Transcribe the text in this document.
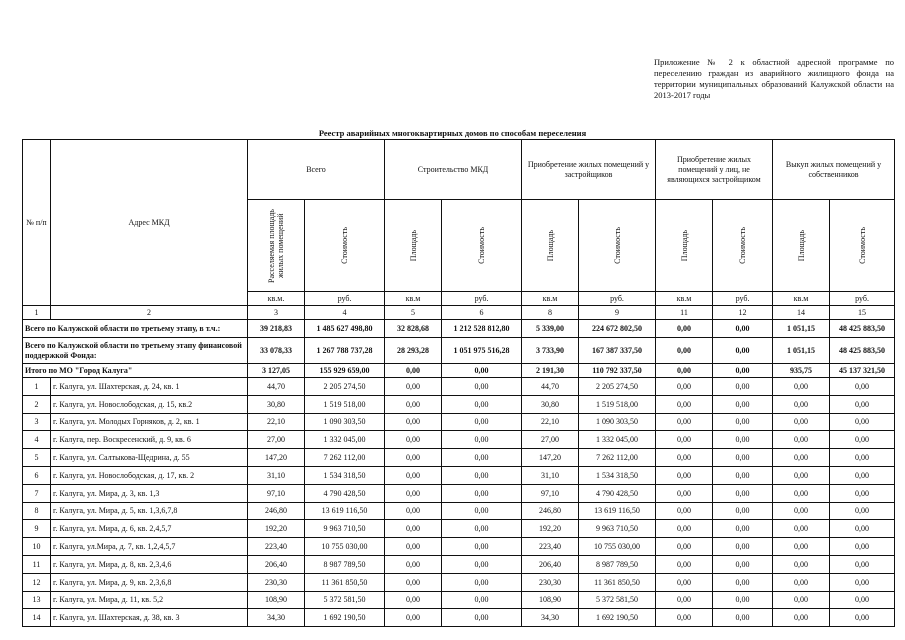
Приложение № 2 к областной адресной программе по переселению граждан из аварийного жилищного фонда на территории муниципальных образований Калужской области на 2013-2017 годы
Реестр аварийных многоквартирных домов по способам переселения
№ п/п	Адрес МКД	Всего		Строительство МКД		Приобретение жилых помещений у застройщиков		Приобретение жилых помещений у лиц, не являющихся застройщиком		Выкуп жилых помещений у собственников	

		Расселяемая площадь жилых помещений	Стоимость	Площадь	Стоимость	Площадь	Стоимость	Площадь	Стоимость	Площадь	Стоимость

		кв.м.	руб.	кв.м	руб.	кв.м	руб.	кв.м	руб.	кв.м	руб.
1	2	3	4	5	6	8	9	11	12	14	15
Всего по Калужской области по третьему этапу, в т.ч.:		39 218,83	1 485 627 498,80	32 828,68	1 212 528 812,80	5 339,00	224 672 802,50	0,00	0,00	1 051,15	48 425 883,50
Всего по Калужской области по третьему этапу финансовой поддержкой Фонда:		33 078,33	1 267 788 737,28	28 293,28	1 051 975 516,28	3 733,90	167 387 337,50	0,00	0,00	1 051,15	48 425 883,50
Итого по МО "Город Калуга"		3 127,05	155 929 659,00	0,00	0,00	2 191,30	110 792 337,50	0,00	0,00	935,75	45 137 321,50
1	г. Калуга, ул. Шахтерская, д. 24, кв. 1	44,70	2 205 274,50	0,00	0,00	44,70	2 205 274,50	0,00	0,00	0,00	0,00
2	г. Калуга, ул. Новослободская, д. 15, кв.2	30,80	1 519 518,00	0,00	0,00	30,80	1 519 518,00	0,00	0,00	0,00	0,00
3	г. Калуга, ул. Молодых Горняков, д. 2, кв. 1	22,10	1 090 303,50	0,00	0,00	22,10	1 090 303,50	0,00	0,00	0,00	0,00
4	г. Калуга, пер. Воскресенский, д. 9, кв. 6	27,00	1 332 045,00	0,00	0,00	27,00	1 332 045,00	0,00	0,00	0,00	0,00
5	г. Калуга, ул. Салтыкова-Щедрина, д. 55	147,20	7 262 112,00	0,00	0,00	147,20	7 262 112,00	0,00	0,00	0,00	0,00
6	г. Калуга, ул. Новослободская, д. 17, кв. 2	31,10	1 534 318,50	0,00	0,00	31,10	1 534 318,50	0,00	0,00	0,00	0,00
7	г. Калуга, ул. Мира, д. 3, кв. 1,3	97,10	4 790 428,50	0,00	0,00	97,10	4 790 428,50	0,00	0,00	0,00	0,00
8	г. Калуга, ул. Мира, д. 5, кв. 1,3,6,7,8	246,80	13 619 116,50	0,00	0,00	246,80	13 619 116,50	0,00	0,00	0,00	0,00
9	г. Калуга, ул. Мира, д. 6, кв. 2,4,5,7	192,20	9 963 710,50	0,00	0,00	192,20	9 963 710,50	0,00	0,00	0,00	0,00
10	г. Калуга, ул.Мира, д. 7, кв. 1,2,4,5,7	223,40	10 755 030,00	0,00	0,00	223,40	10 755 030,00	0,00	0,00	0,00	0,00
11	г. Калуга, ул. Мира, д. 8, кв. 2,3,4,6	206,40	8 987 789,50	0,00	0,00	206,40	8 987 789,50	0,00	0,00	0,00	0,00
12	г. Калуга, ул. Мира, д. 9, кв. 2,3,6,8	230,30	11 361 850,50	0,00	0,00	230,30	11 361 850,50	0,00	0,00	0,00	0,00
13	г. Калуга, ул. Мира, д. 11, кв. 5,2	108,90	5 372 581,50	0,00	0,00	108,90	5 372 581,50	0,00	0,00	0,00	0,00
14	г. Калуга, ул. Шахтерская, д. 38, кв. 3	34,30	1 692 190,50	0,00	0,00	34,30	1 692 190,50	0,00	0,00	0,00	0,00
